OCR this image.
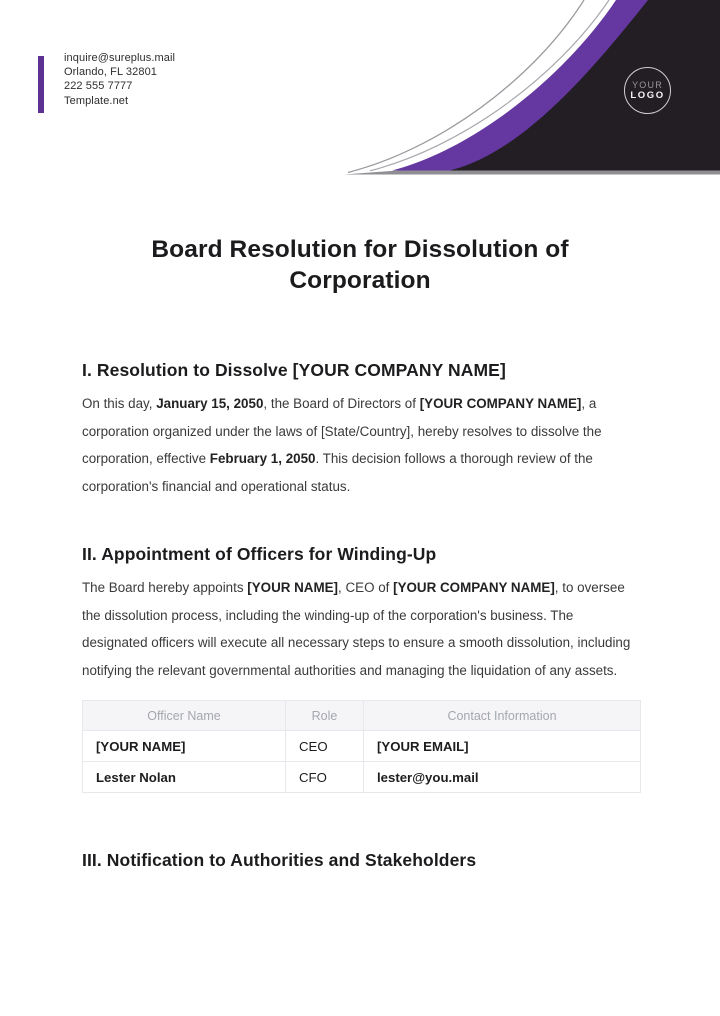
YOUR
LOGO
inquire@sureplus.mail
Orlando, FL 32801
222 555 7777
Template.net
Board Resolution for Dissolution of Corporation
I. Resolution to Dissolve [YOUR COMPANY NAME]

On this day, January 15, 2050, the Board of Directors of [YOUR COMPANY NAME], a corporation organized under the laws of [State/Country], hereby resolves to dissolve the corporation, effective February 1, 2050. This decision follows a thorough review of the corporation's financial and operational status.

II. Appointment of Officers for Winding-Up

The Board hereby appoints [YOUR NAME], CEO of [YOUR COMPANY NAME], to oversee the dissolution process, including the winding-up of the corporation's business. The designated officers will execute all necessary steps to ensure a smooth dissolution, including notifying the relevant governmental authorities and managing the liquidation of any assets.

Officer Name	Role	Contact Information
[YOUR NAME]	CEO	[YOUR EMAIL]
Lester Nolan	CFO	lester@you.mail
III. Notification to Authorities and Stakeholders
